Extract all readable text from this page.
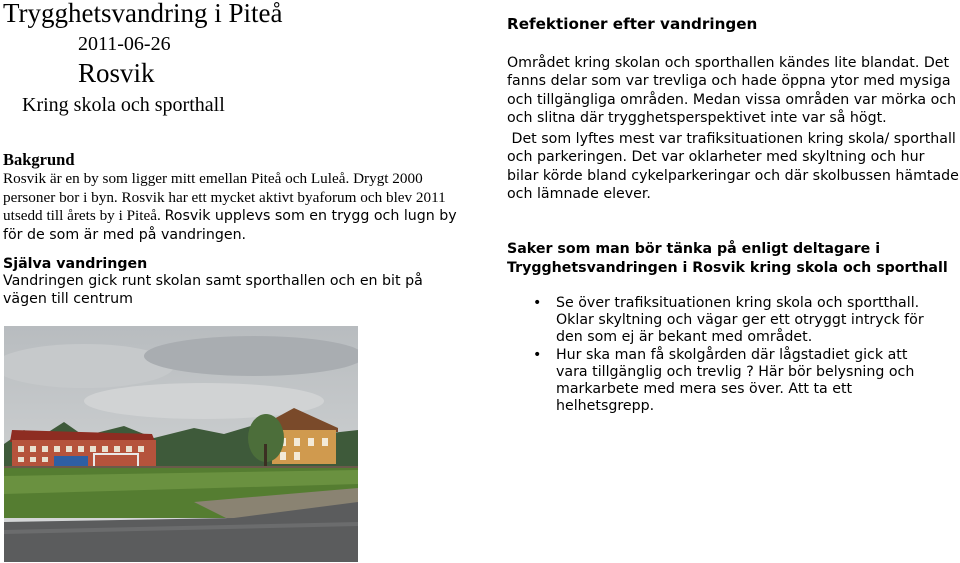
Trygghetsvandring i Piteå
2011-06-26
Rosvik
Kring skola och sporthall
Bakgrund
Rosvik är en by som ligger mitt emellan Piteå och Luleå. Drygt 2000 personer bor i byn. Rosvik har ett mycket aktivt byaforum och blev 2011 utsedd till årets by i Piteå. Rosvik upplevs som en trygg och lugn by för de som är med på vandringen.
Själva vandringen
Vandringen gick runt skolan samt sporthallen och en bit på vägen till centrum
Refektioner efter vandringen

Området kring skolan och sporthallen kändes lite blandat. Det fanns delar som var trevliga och hade öppna ytor med mysiga och tillgängliga områden. Medan vissa områden var mörka och och slitna där trygghetsperspektivet inte var så högt.

Det som lyftes mest var trafiksituationen kring skola/ sporthall och parkeringen. Det var oklarheter med skyltning och hur bilar körde bland cykelparkeringar och där skolbussen hämtade och lämnade elever.

Saker som man bör tänka på enligt deltagare i
Trygghetsvandringen i Rosvik kring skola och sporthall
• Se över trafiksituationen kring skola och sportthall. Oklar skyltning och vägar ger ett otryggt intryck för den som ej är bekant med området.
• Hur ska man få skolgården där lågstadiet gick att vara tillgänglig och trevlig ? Här bör belysning och markarbete med mera ses över. Att ta ett helhetsgrepp.
